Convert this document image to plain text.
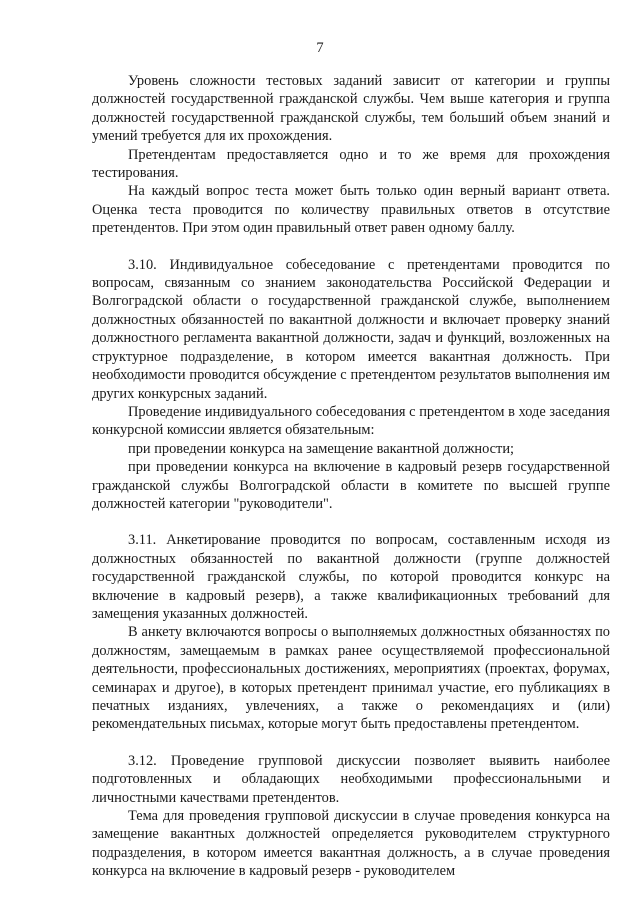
7

Уровень сложности тестовых заданий зависит от категории и группы должностей государственной гражданской службы. Чем выше категория и группа должностей государственной гражданской службы, тем больший объем знаний и умений требуется для их прохождения.

Претендентам предоставляется одно и то же время для прохождения тестирования.

На каждый вопрос теста может быть только один верный вариант ответа. Оценка теста проводится по количеству правильных ответов в отсутствие претендентов. При этом один правильный ответ равен одному баллу.

3.10. Индивидуальное собеседование с претендентами проводится по вопросам, связанным со знанием законодательства Российской Федерации и Волгоградской области о государственной гражданской службе, выполнением должностных обязанностей по вакантной должности и включает проверку знаний должностного регламента вакантной должности, задач и функций, возложенных на структурное подразделение, в котором имеется вакантная должность. При необходимости проводится обсуждение с претендентом результатов выполнения им других конкурсных заданий.

Проведение индивидуального собеседования с претендентом в ходе заседания конкурсной комиссии является обязательным:

при проведении конкурса на замещение вакантной должности;

при проведении конкурса на включение в кадровый резерв государственной гражданской службы Волгоградской области в комитете по высшей группе должностей категории "руководители".

3.11. Анкетирование проводится по вопросам, составленным исходя из должностных обязанностей по вакантной должности (группе должностей государственной гражданской службы, по которой проводится конкурс на включение в кадровый резерв), а также квалификационных требований для замещения указанных должностей.

В анкету включаются вопросы о выполняемых должностных обязанностях по должностям, замещаемым в рамках ранее осуществляемой профессиональной деятельности, профессиональных достижениях, мероприятиях (проектах, форумах, семинарах и другое), в которых претендент принимал участие, его публикациях в печатных изданиях, увлечениях, а также о рекомендациях и (или) рекомендательных письмах, которые могут быть предоставлены претендентом.

3.12. Проведение групповой дискуссии позволяет выявить наиболее подготовленных и обладающих необходимыми профессиональными и личностными качествами претендентов.

Тема для проведения групповой дискуссии в случае проведения конкурса на замещение вакантных должностей определяется руководителем структурного подразделения, в котором имеется вакантная должность, а в случае проведения конкурса на включение в кадровый резерв - руководителем
